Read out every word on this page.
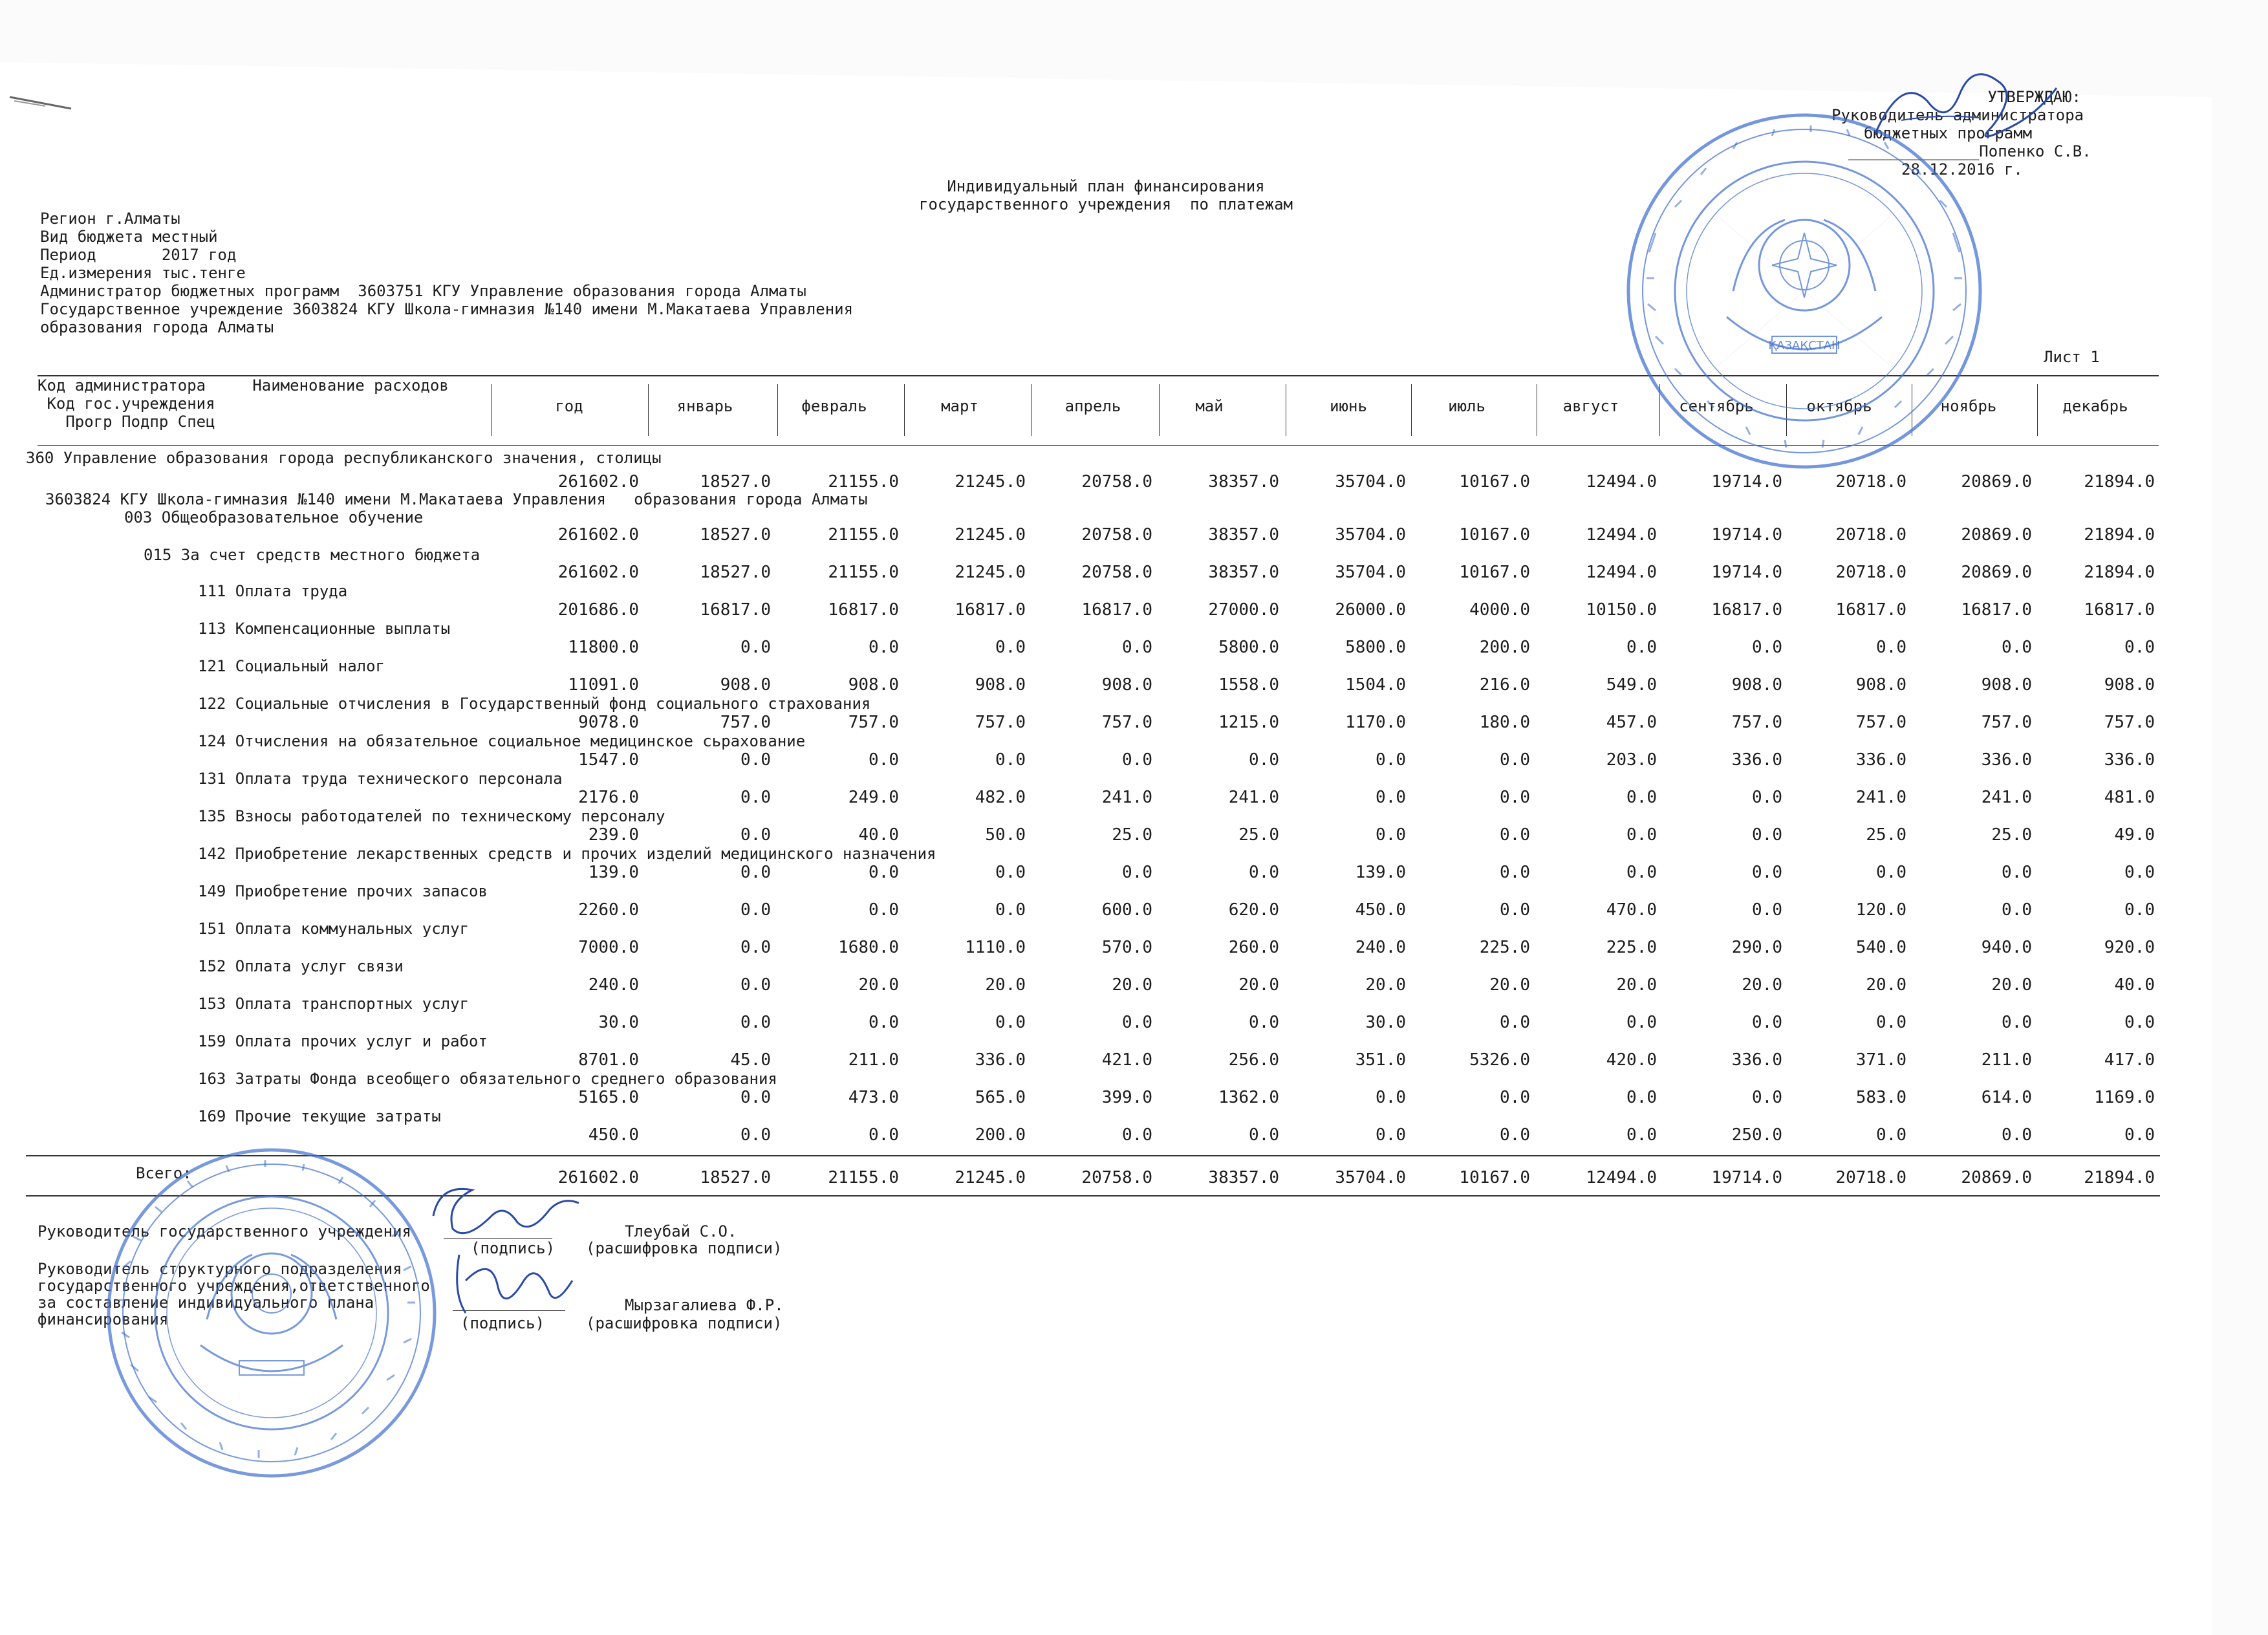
УТВЕРЖДАЮ:
Руководитель администратора
бюджетных программ
______________Попенко С.В.
28.12.2016 г.
Индивидуальный план финансирования
государственного учреждения  по платежам
Регион г.Алматы
Вид бюджета местный
Период       2017 год
Ед.измерения тыс.тенге
Администратор бюджетных программ  3603751 КГУ Управление образования города Алматы
Государственное учреждение 3603824 КГУ Школа-гимназия №140 имени М.Макатаева Управления
образования города Алматы
Лист 1
Код администратора     Наименование расходов
Код гос.учреждения
Прогр Подпр Спец
год	январь	февраль	март	апрель	май	июнь	июль	август	сентябрь	октябрь	ноябрь	декабрь
360 Управление образования города республиканского значения, столицы
261602.0	18527.0	21155.0	21245.0	20758.0	38357.0	35704.0	10167.0	12494.0	19714.0	20718.0	20869.0	21894.0
3603824 КГУ Школа-гимназия №140 имени М.Макатаева Управления   образования города Алматы
003 Общеобразовательное обучение
261602.0	18527.0	21155.0	21245.0	20758.0	38357.0	35704.0	10167.0	12494.0	19714.0	20718.0	20869.0	21894.0
015 За счет средств местного бюджета
261602.0	18527.0	21155.0	21245.0	20758.0	38357.0	35704.0	10167.0	12494.0	19714.0	20718.0	20869.0	21894.0
111 Оплата труда
201686.0	16817.0	16817.0	16817.0	16817.0	27000.0	26000.0	4000.0	10150.0	16817.0	16817.0	16817.0	16817.0
113 Компенсационные выплаты
11800.0	0.0	0.0	0.0	0.0	5800.0	5800.0	200.0	0.0	0.0	0.0	0.0	0.0
121 Социальный налог
11091.0	908.0	908.0	908.0	908.0	1558.0	1504.0	216.0	549.0	908.0	908.0	908.0	908.0
122 Социальные отчисления в Государственный фонд социального страхования
9078.0	757.0	757.0	757.0	757.0	1215.0	1170.0	180.0	457.0	757.0	757.0	757.0	757.0
124 Отчисления на обязательное социальное медицинское сьрахование
1547.0	0.0	0.0	0.0	0.0	0.0	0.0	0.0	203.0	336.0	336.0	336.0	336.0
131 Оплата труда технического персонала
2176.0	0.0	249.0	482.0	241.0	241.0	0.0	0.0	0.0	0.0	241.0	241.0	481.0
135 Взносы работодателей по техническому персоналу
239.0	0.0	40.0	50.0	25.0	25.0	0.0	0.0	0.0	0.0	25.0	25.0	49.0
142 Приобретение лекарственных средств и прочих изделий медицинского назначения
139.0	0.0	0.0	0.0	0.0	0.0	139.0	0.0	0.0	0.0	0.0	0.0	0.0
149 Приобретение прочих запасов
2260.0	0.0	0.0	0.0	600.0	620.0	450.0	0.0	470.0	0.0	120.0	0.0	0.0
151 Оплата коммунальных услуг
7000.0	0.0	1680.0	1110.0	570.0	260.0	240.0	225.0	225.0	290.0	540.0	940.0	920.0
152 Оплата услуг связи
240.0	0.0	20.0	20.0	20.0	20.0	20.0	20.0	20.0	20.0	20.0	20.0	40.0
153 Оплата транспортных услуг
30.0	0.0	0.0	0.0	0.0	0.0	30.0	0.0	0.0	0.0	0.0	0.0	0.0
159 Оплата прочих услуг и работ
8701.0	45.0	211.0	336.0	421.0	256.0	351.0	5326.0	420.0	336.0	371.0	211.0	417.0
163 Затраты Фонда всеобщего обязательного среднего образования
5165.0	0.0	473.0	565.0	399.0	1362.0	0.0	0.0	0.0	0.0	583.0	614.0	1169.0
169 Прочие текущие затраты
450.0	0.0	0.0	200.0	0.0	0.0	0.0	0.0	0.0	250.0	0.0	0.0	0.0
Всего:	261602.0	18527.0	21155.0	21245.0	20758.0	38357.0	35704.0	10167.0	12494.0	19714.0	20718.0	20869.0	21894.0
Руководитель государственного учреждения
(подпись)
Тлеубай С.О.
(расшифровка подписи)
Руководитель структурного подразделения
государственного учреждения,ответственного
за составление индивидуального плана
финансирования	(подпись)
Мырзагалиева Ф.Р.
(расшифровка подписи)
ҚАЗАҚСТАН
